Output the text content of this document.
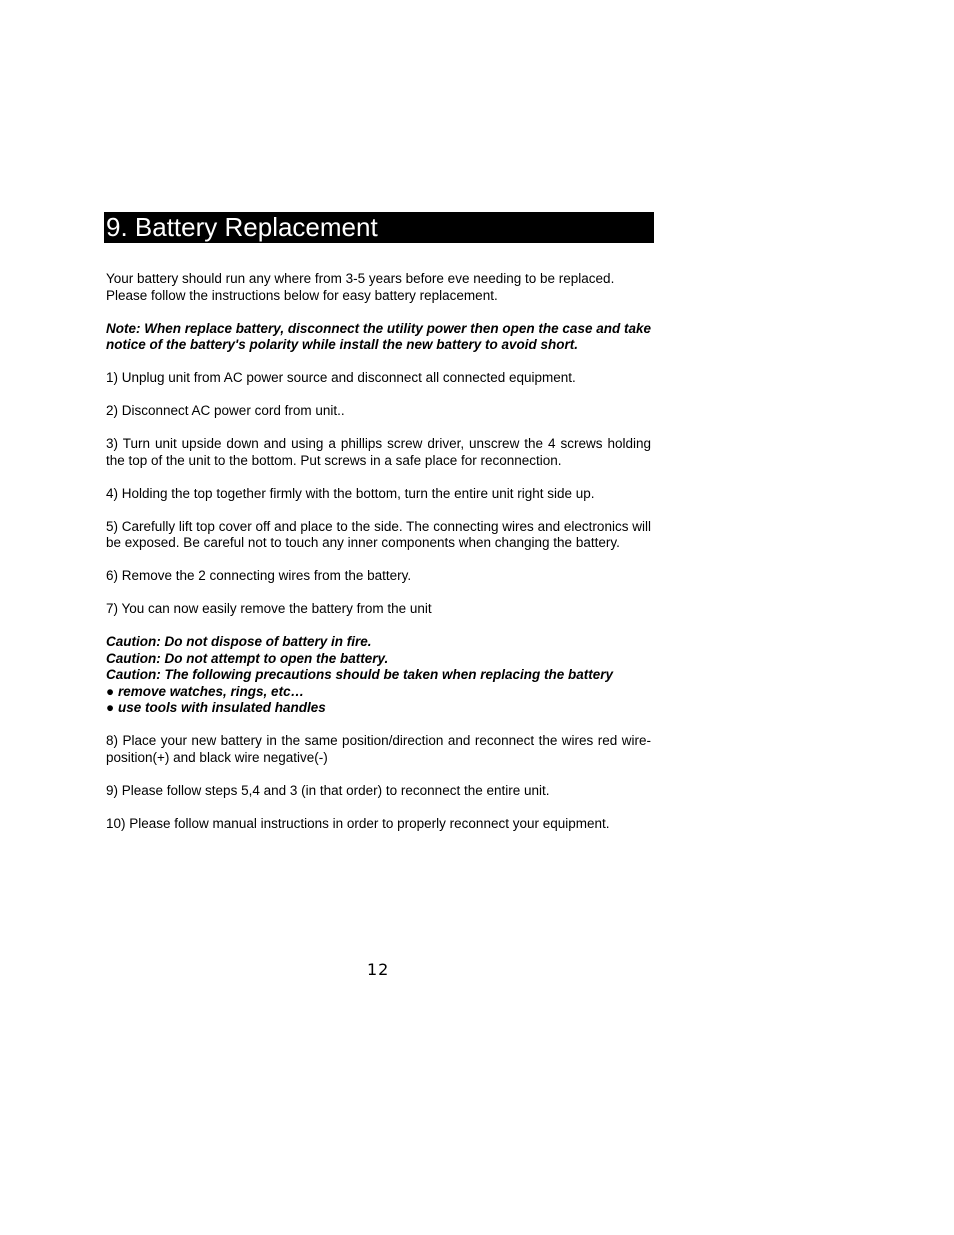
9. Battery Replacement

Your battery should run any where from 3-5 years before eve needing to be replaced. Please follow the instructions below for easy battery replacement.

Note: When replace battery, disconnect the utility power then open the case and take notice of the battery's polarity while install the new battery to avoid short.

1) Unplug unit from AC power source and disconnect all connected equipment.

2) Disconnect AC power cord from unit..

3) Turn unit upside down and using a phillips screw driver, unscrew the 4 screws holding the top of the unit to the bottom. Put screws in a safe place for reconnection.

4) Holding the top together firmly with the bottom, turn the entire unit right side up.

5) Carefully lift top cover off and place to the side. The connecting wires and electronics will be exposed. Be careful not to touch any inner components when changing the battery.

6) Remove the 2 connecting wires from the battery.

7) You can now easily remove the battery from the unit

Caution: Do not dispose of battery in fire.
Caution: Do not attempt to open the battery.
Caution: The following precautions should be taken when replacing the battery
● remove watches, rings, etc…
● use tools with insulated handles

8) Place your new battery in the same position/direction and reconnect the wires red wire-position(+) and black wire negative(-)

9) Please follow steps 5,4 and 3 (in that order) to reconnect the entire unit.

10) Please follow manual instructions in order to properly reconnect your equipment.

12
